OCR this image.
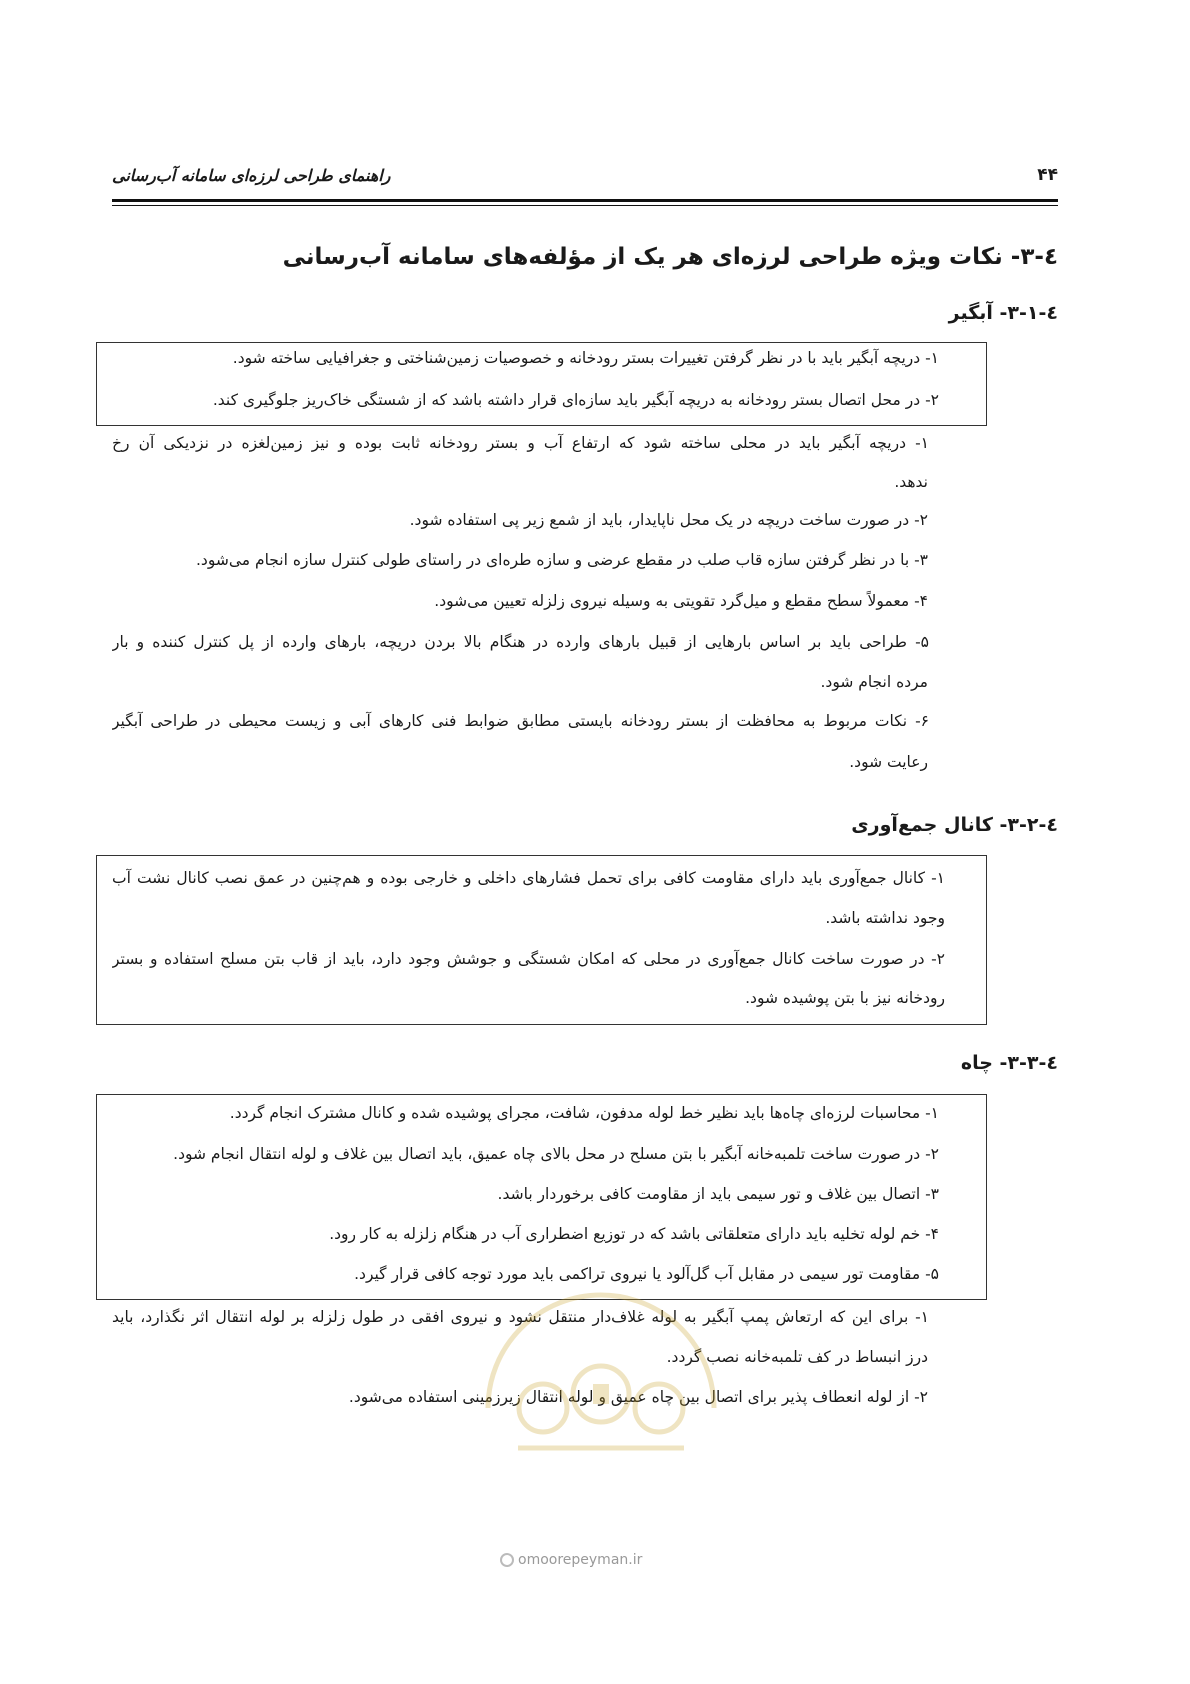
راهنمای طراحی لرزه‌ای سامانه آب‌رسانی	۴۴
٤-۳- نکات ویژه طراحی لرزه‌ای هر یک از مؤلفه‌های سامانه آب‌رسانی
٤-۳-۱- آبگیر
۱- دریچه آبگیر باید با در نظر گرفتن تغییرات بستر رودخانه و خصوصیات زمین‌شناختی و جغرافیایی ساخته شود.
۲- در محل اتصال بستر رودخانه به دریچه آبگیر باید سازه‌ای قرار داشته باشد که از شستگی خاک‌ریز جلوگیری کند.
۱- دریچه آبگیر باید در محلی ساخته شود که ارتفاع آب و بستر رودخانه ثابت بوده و نیز زمین‌لغزه در نزدیکی آن رخ
ندهد.
۲- در صورت ساخت دریچه در یک محل ناپایدار، باید از شمع زیر پی استفاده شود.
۳- با در نظر گرفتن سازه قاب صلب در مقطع عرضی و سازه طره‌ای در راستای طولی کنترل سازه انجام می‌شود.
۴- معمولاً سطح مقطع و میل‌گرد تقویتی به وسیله نیروی زلزله تعیین می‌شود.
۵- طراحی باید بر اساس بارهایی از قبیل بارهای وارده در هنگام بالا بردن دریچه، بارهای وارده از پل کنترل کننده و بار
مرده انجام شود.
۶- نکات مربوط به محافظت از بستر رودخانه بایستی مطابق ضوابط فنی کارهای آبی و زیست محیطی در طراحی آبگیر
رعایت شود.
٤-۳-۲- کانال جمع‌آوری
۱- کانال جمع‌آوری باید دارای مقاومت کافی برای تحمل فشارهای داخلی و خارجی بوده و هم‌چنین در عمق نصب کانال نشت آب
وجود نداشته باشد.
۲- در صورت ساخت کانال جمع‌آوری در محلی که امکان شستگی و جوشش وجود دارد، باید از قاب بتن مسلح استفاده و بستر
رودخانه نیز با بتن پوشیده شود.
٤-۳-۳- چاه
۱- محاسبات لرزه‌ای چاه‌ها باید نظیر خط لوله مدفون، شافت، مجرای پوشیده شده و کانال مشترک انجام گردد.
۲- در صورت ساخت تلمبه‌خانه آبگیر با بتن مسلح در محل بالای چاه عمیق، باید اتصال بین غلاف و لوله انتقال انجام شود.
۳- اتصال بین غلاف و تور سیمی باید از مقاومت کافی برخوردار باشد.
۴- خم لوله تخلیه باید دارای متعلقاتی باشد که در توزیع اضطراری آب در هنگام زلزله به کار رود.
۵- مقاومت تور سیمی در مقابل آب گل‌آلود یا نیروی تراکمی باید مورد توجه کافی قرار گیرد.
۱- برای این که ارتعاش پمپ آبگیر به لوله غلاف‌دار منتقل نشود و نیروی افقی در طول زلزله بر لوله انتقال اثر نگذارد، باید
درز انبساط در کف تلمبه‌خانه نصب گردد.
۲- از لوله انعطاف پذیر برای اتصال بین چاه عمیق و لوله انتقال زیرزمینی استفاده می‌شود.
omoorepeyman.ir
